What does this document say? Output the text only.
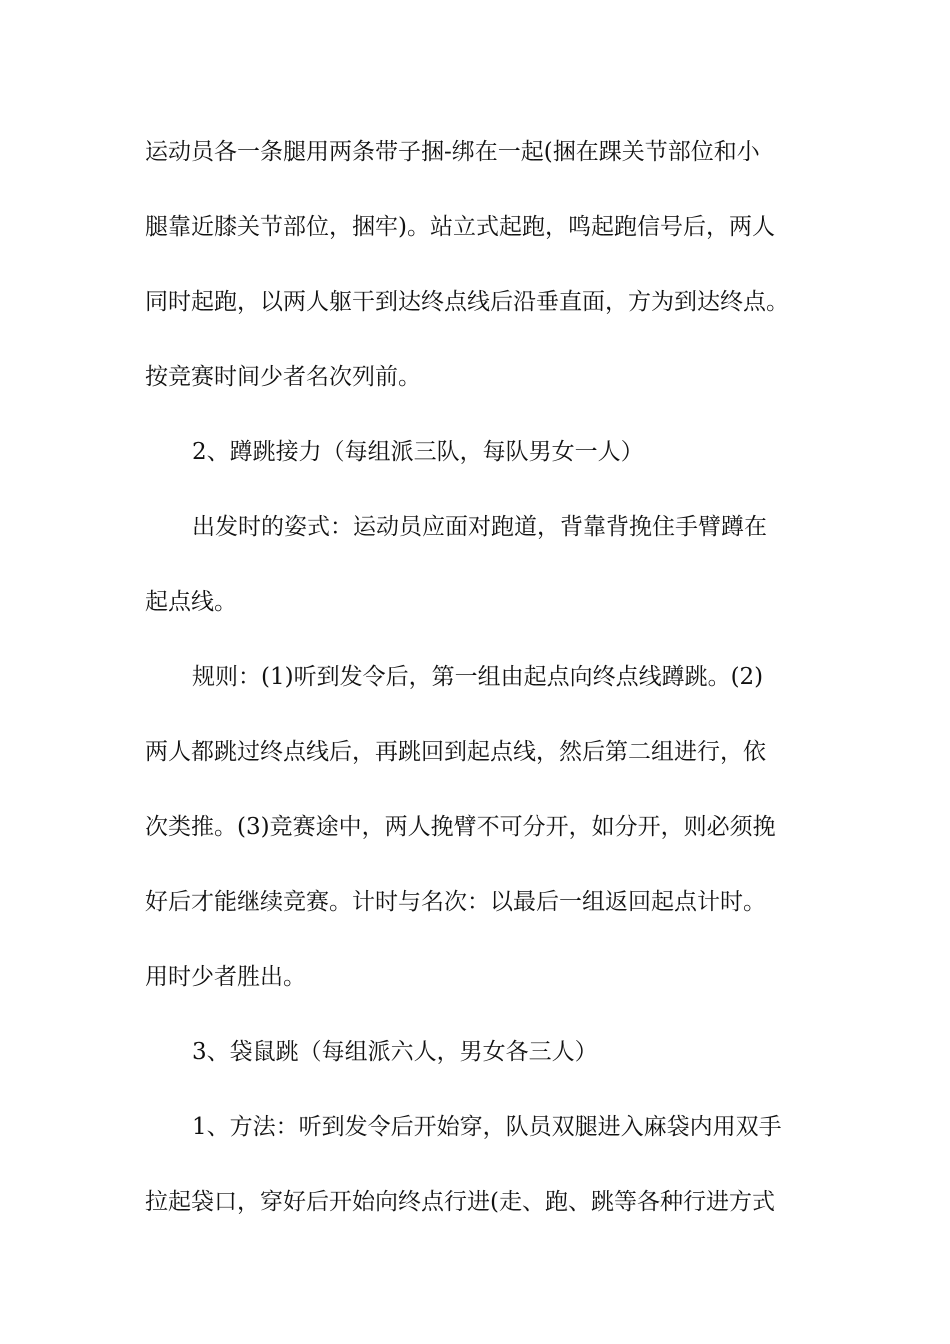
运动员各一条腿用两条带子捆-绑在一起(捆在踝关节部位和小
腿靠近膝关节部位，捆牢)。站立式起跑，鸣起跑信号后，两人
同时起跑，以两人躯干到达终点线后沿垂直面，方为到达终点。
按竞赛时间少者名次列前。
2、蹲跳接力（每组派三队，每队男女一人）
出发时的姿式：运动员应面对跑道，背靠背挽住手臂蹲在
起点线。
规则：(1)听到发令后，第一组由起点向终点线蹲跳。(2)
两人都跳过终点线后，再跳回到起点线，然后第二组进行，依
次类推。(3)竞赛途中，两人挽臂不可分开，如分开，则必须挽
好后才能继续竞赛。计时与名次：以最后一组返回起点计时。
用时少者胜出。
3、袋鼠跳（每组派六人，男女各三人）
1、方法：听到发令后开始穿，队员双腿进入麻袋内用双手
拉起袋口，穿好后开始向终点行进(走、跑、跳等各种行进方式
